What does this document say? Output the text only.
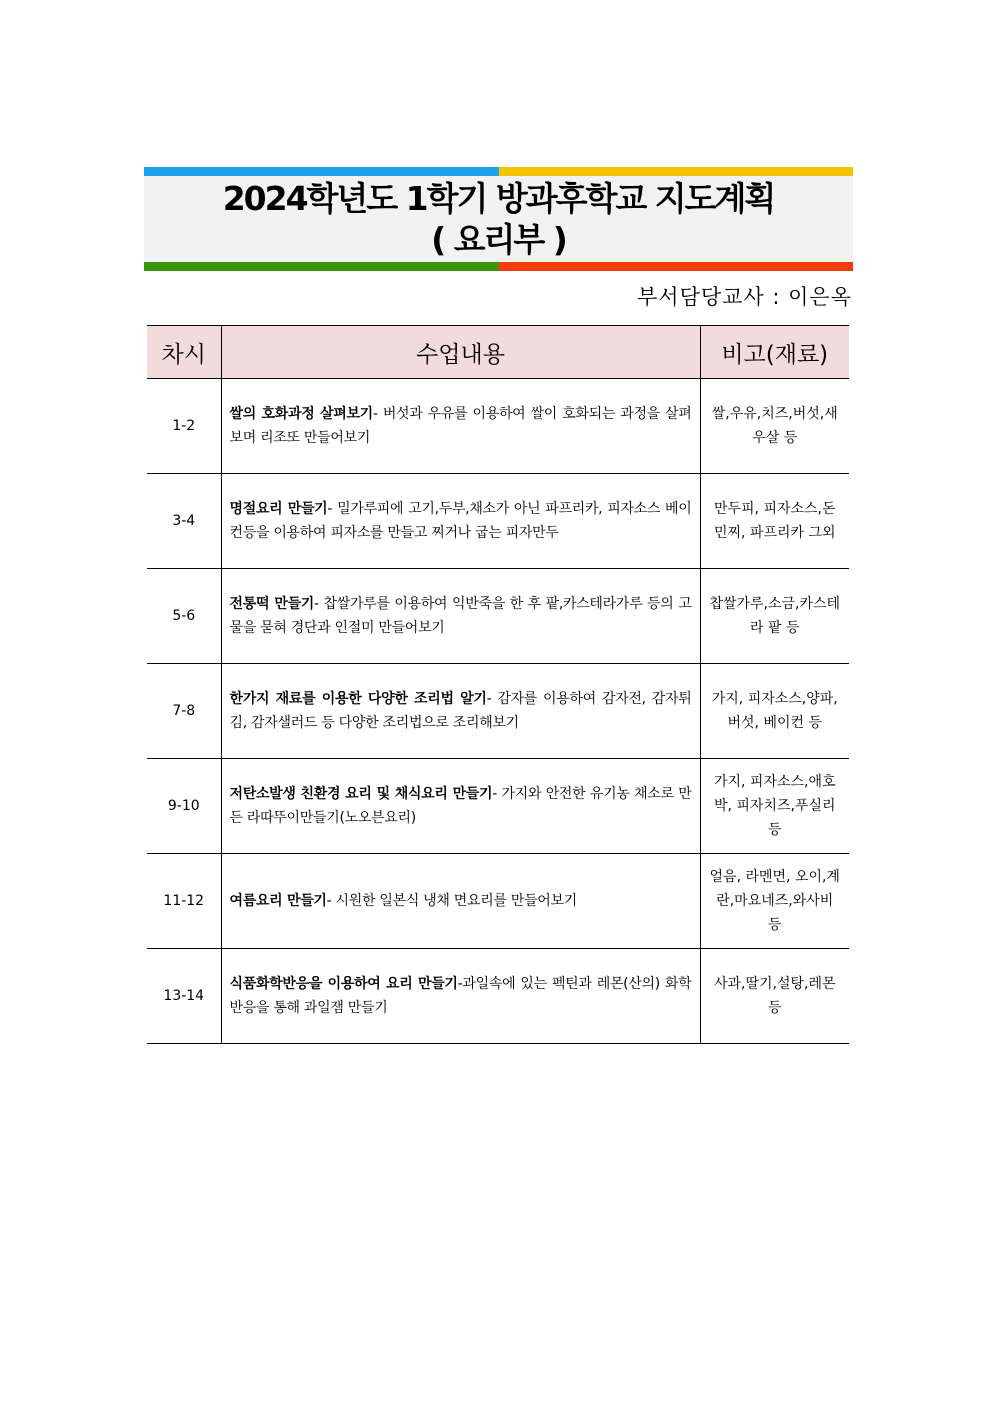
2024학년도 1학기 방과후학교 지도계획
( 요리부 )
부서담당교사 : 이은옥
차시	수업내용	비고(재료)
1-2	쌀의 호화과정 살펴보기- 버섯과 우유를 이용하여 쌀이 호화되는 과정을 살펴보며 리조또 만들어보기	쌀,우유,치즈,버섯,새우살 등
3-4	명절요리 만들기- 밀가루피에 고기,두부,채소가 아닌 파프리카, 피자소스 베이컨등을 이용하여 피자소를 만들고 찌거나 굽는 피자만두	만두피, 피자소스,돈민찌, 파프리카 그외
5-6	전통떡 만들기- 찹쌀가루를 이용하여 익반죽을 한 후 팥,카스테라가루 등의 고물을 묻혀 경단과 인절미 만들어보기	찹쌀가루,소금,카스테라 팥 등
7-8	한가지 재료를 이용한 다양한 조리법 알기- 감자를 이용하여 감자전, 감자튀김, 감자샐러드 등 다양한 조리법으로 조리해보기	가지, 피자소스,양파, 버섯, 베이컨 등
9-10	저탄소발생 친환경 요리 및 채식요리 만들기- 가지와 안전한 유기농 채소로 만든 라따뚜이만들기(노오븐요리)	가지, 피자소스,애호박, 피자치즈,푸실리 등
11-12	여름요리 만들기- 시원한 일본식 냉채 면요리를 만들어보기	얼음, 라멘면, 오이,계란,마요네즈,와사비 등
13-14	식품화학반응을 이용하여 요리 만들기-과일속에 있는 펙틴과 레몬(산의) 화학반응을 통해 과일잼 만들기	사과,딸기,설탕,레몬 등
